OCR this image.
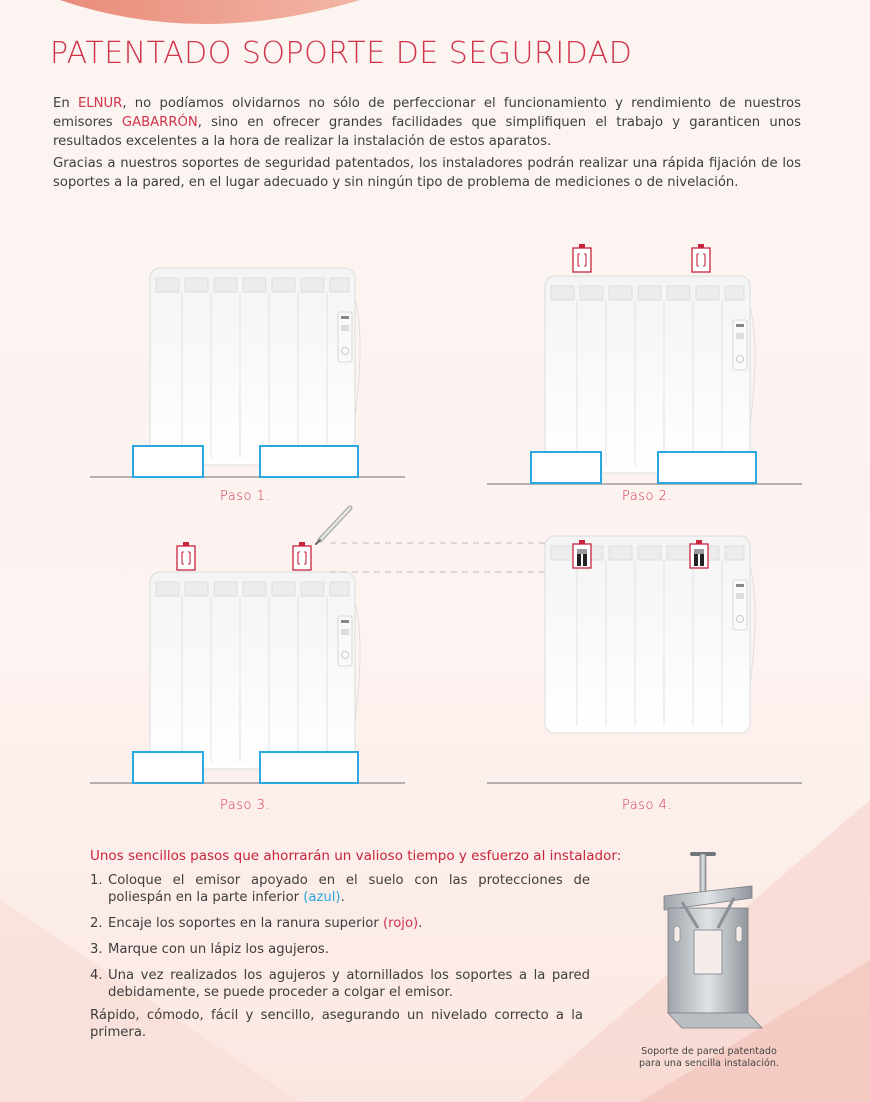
PATENTADO SOPORTE DE SEGURIDAD

En ELNUR, no podíamos olvidarnos no sólo de perfeccionar el funcionamiento y rendimiento de nuestros emisores GABARRÓN, sino en ofrecer grandes facilidades que simplifiquen el trabajo y garanticen unos resultados excelentes a la hora de realizar la instalación de estos aparatos.

Gracias a nuestros soportes de seguridad patentados, los instaladores podrán realizar una rápida fijación de los soportes a la pared, en el lugar adecuado y sin ningún tipo de problema de mediciones o de nivelación.

Paso 1.	Paso 2.
Paso 3.	Paso 4.
Unos sencillos pasos que ahorrarán un valioso tiempo y esfuerzo al instalador:
1. Coloque el emisor apoyado en el suelo con las protecciones de poliespán en la parte inferior (azul).
2. Encaje los soportes en la ranura superior (rojo).
3. Marque con un lápiz los agujeros.
4. Una vez realizados los agujeros y atornillados los soportes a la pared debidamente, se puede proceder a colgar el emisor.

Rápido, cómodo, fácil y sencillo, asegurando un nivelado correcto a la primera.

Soporte de pared patentado
para una sencilla instalación.
